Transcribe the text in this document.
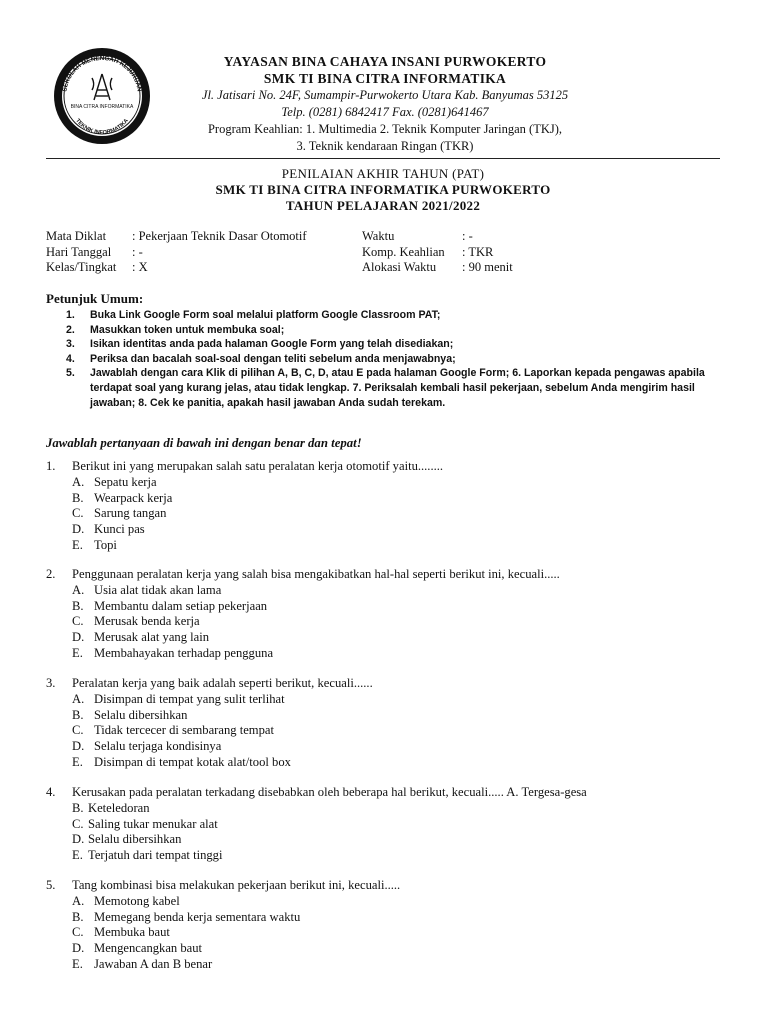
SEKOLAH MENENGAH KEJURUAN
TEKNIK INFORMATIKA
BINA CITRA INFORMATIKA
YAYASAN BINA CAHAYA INSANI PURWOKERTO
SMK TI BINA CITRA INFORMATIKA
Jl. Jatisari No. 24F, Sumampir-Purwokerto Utara Kab. Banyumas 53125
Telp. (0281) 6842417 Fax. (0281)641467
Program Keahlian: 1. Multimedia 2. Teknik Komputer Jaringan (TKJ),
3. Teknik kendaraan Ringan (TKR)
PENILAIAN AKHIR TAHUN (PAT)
SMK TI BINA CITRA INFORMATIKA PURWOKERTO
TAHUN PELAJARAN 2021/2022
Mata Diklat	: Pekerjaan Teknik Dasar Otomotif
Hari Tanggal	: -
Kelas/Tingkat	: X
Waktu	: -
Komp. Keahlian	: TKR
Alokasi Waktu	: 90 menit
Petunjuk Umum:
1.	Buka Link Google Form soal melalui platform Google Classroom PAT;
2.	Masukkan token untuk membuka soal;
3.	Isikan identitas anda pada halaman Google Form yang telah disediakan;
4.	Periksa dan bacalah soal-soal dengan teliti sebelum anda menjawabnya;
5.	Jawablah dengan cara Klik di pilihan A, B, C, D, atau E pada halaman Google Form; 6. Laporkan kepada pengawas apabila terdapat soal yang kurang jelas, atau tidak lengkap. 7. Periksalah kembali hasil pekerjaan, sebelum Anda mengirim hasil jawaban; 8. Cek ke panitia, apakah hasil jawaban Anda sudah terekam.
Jawablah pertanyaan di bawah ini dengan benar dan tepat!
1.	Berikut ini yang merupakan salah satu peralatan kerja otomotif yaitu........
A. Sepatu kerja
B. Wearpack kerja
C. Sarung tangan
D. Kunci pas
E. Topi
2.	Penggunaan peralatan kerja yang salah bisa mengakibatkan hal-hal seperti berikut ini, kecuali.....
A. Usia alat tidak akan lama
B. Membantu dalam setiap pekerjaan
C. Merusak benda kerja
D. Merusak alat yang lain
E. Membahayakan terhadap pengguna
3.	Peralatan kerja yang baik adalah seperti berikut, kecuali......
A. Disimpan di tempat yang sulit terlihat
B. Selalu dibersihkan
C. Tidak tercecer di sembarang tempat
D. Selalu terjaga kondisinya
E. Disimpan di tempat kotak alat/tool box
4.	Kerusakan pada peralatan terkadang disebabkan oleh beberapa hal berikut, kecuali..... A. Tergesa-gesa
B. Keteledoran
C. Saling tukar menukar alat
D. Selalu dibersihkan
E. Terjatuh dari tempat tinggi
5.	Tang kombinasi bisa melakukan pekerjaan berikut ini, kecuali.....
A. Memotong kabel
B. Memegang benda kerja sementara waktu
C. Membuka baut
D. Mengencangkan baut
E. Jawaban A dan B benar
